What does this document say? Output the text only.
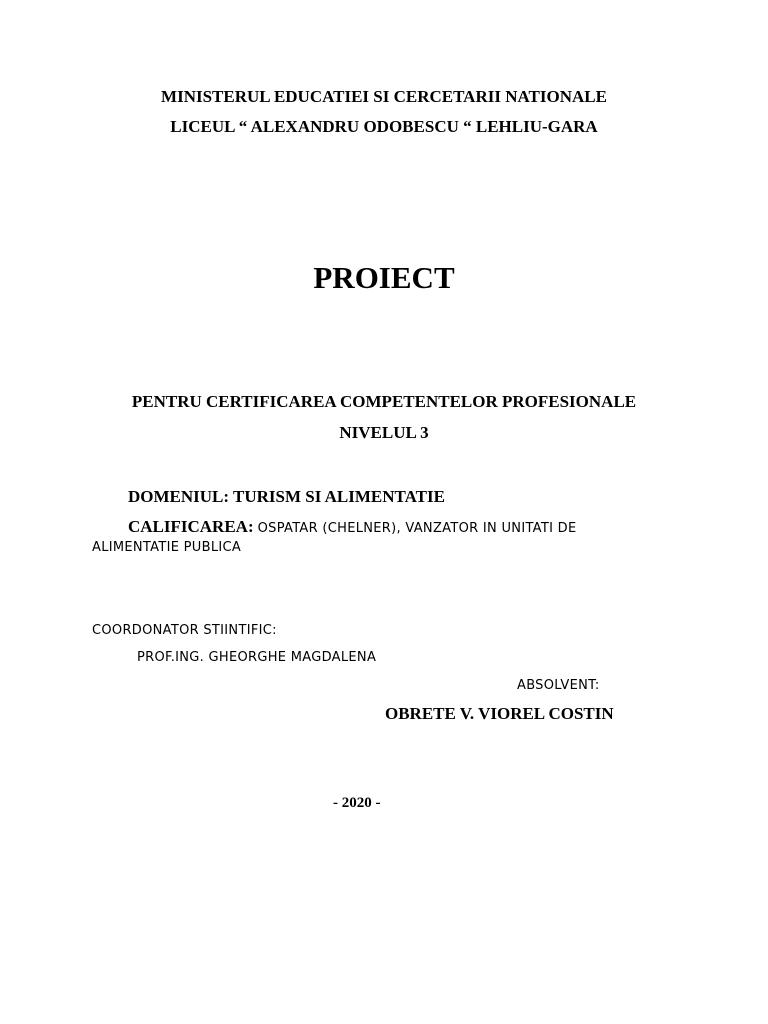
MINISTERUL EDUCATIEI SI CERCETARII NATIONALE
LICEUL “ ALEXANDRU ODOBESCU “ LEHLIU-GARA
PROIECT
PENTRU CERTIFICAREA COMPETENTELOR PROFESIONALE
NIVELUL 3
DOMENIUL: TURISM SI ALIMENTATIE
CALIFICAREA: OSPATAR (CHELNER), VANZATOR IN UNITATI DE
ALIMENTATIE PUBLICA
COORDONATOR STIINTIFIC:
PROF.ING. GHEORGHE MAGDALENA
ABSOLVENT:
OBRETE V. VIOREL COSTIN
- 2020 -
